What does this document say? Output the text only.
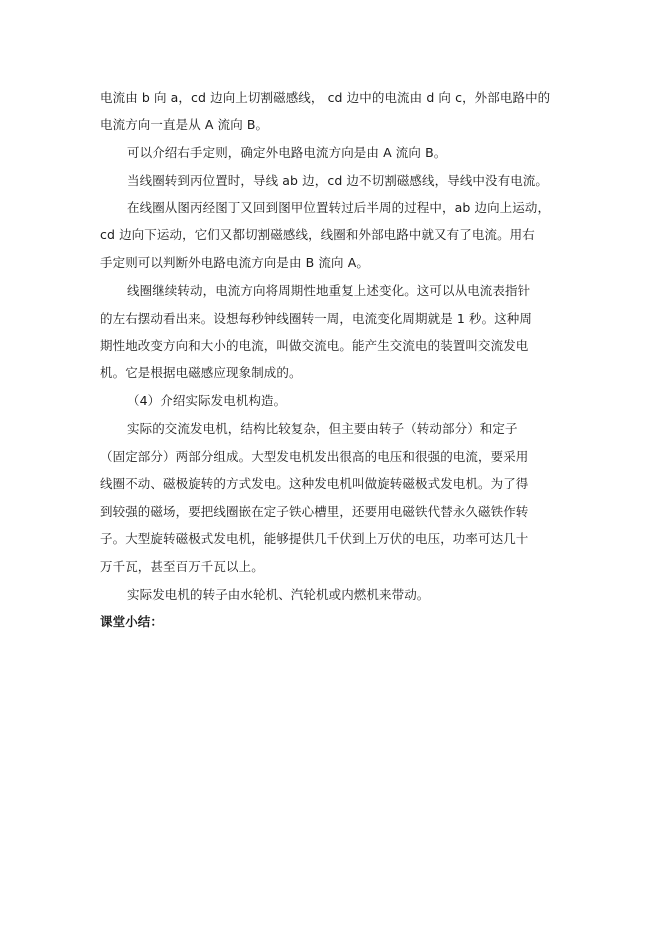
电流由 b 向 a，cd 边向上切割磁感线， cd 边中的电流由 d 向 c，外部电路中的
电流方向一直是从 A 流向 B。
可以介绍右手定则，确定外电路电流方向是由 A 流向 B。
当线圈转到丙位置时，导线 ab 边，cd 边不切割磁感线，导线中没有电流。
在线圈从图丙经图丁又回到图甲位置转过后半周的过程中，ab 边向上运动，
cd 边向下运动，它们又都切割磁感线，线圈和外部电路中就又有了电流。用右
手定则可以判断外电路电流方向是由 B 流向 A。
线圈继续转动，电流方向将周期性地重复上述变化。这可以从电流表指针
的左右摆动看出来。设想每秒钟线圈转一周，电流变化周期就是 1 秒。这种周
期性地改变方向和大小的电流，叫做交流电。能产生交流电的装置叫交流发电
机。它是根据电磁感应现象制成的。
（4）介绍实际发电机构造。
实际的交流发电机，结构比较复杂，但主要由转子（转动部分）和定子
（固定部分）两部分组成。大型发电机发出很高的电压和很强的电流，要采用
线圈不动、磁极旋转的方式发电。这种发电机叫做旋转磁极式发电机。为了得
到较强的磁场，要把线圈嵌在定子铁心槽里，还要用电磁铁代替永久磁铁作转
子。大型旋转磁极式发电机，能够提供几千伏到上万伏的电压，功率可达几十
万千瓦，甚至百万千瓦以上。
实际发电机的转子由水轮机、汽轮机或内燃机来带动。
课堂小结：
